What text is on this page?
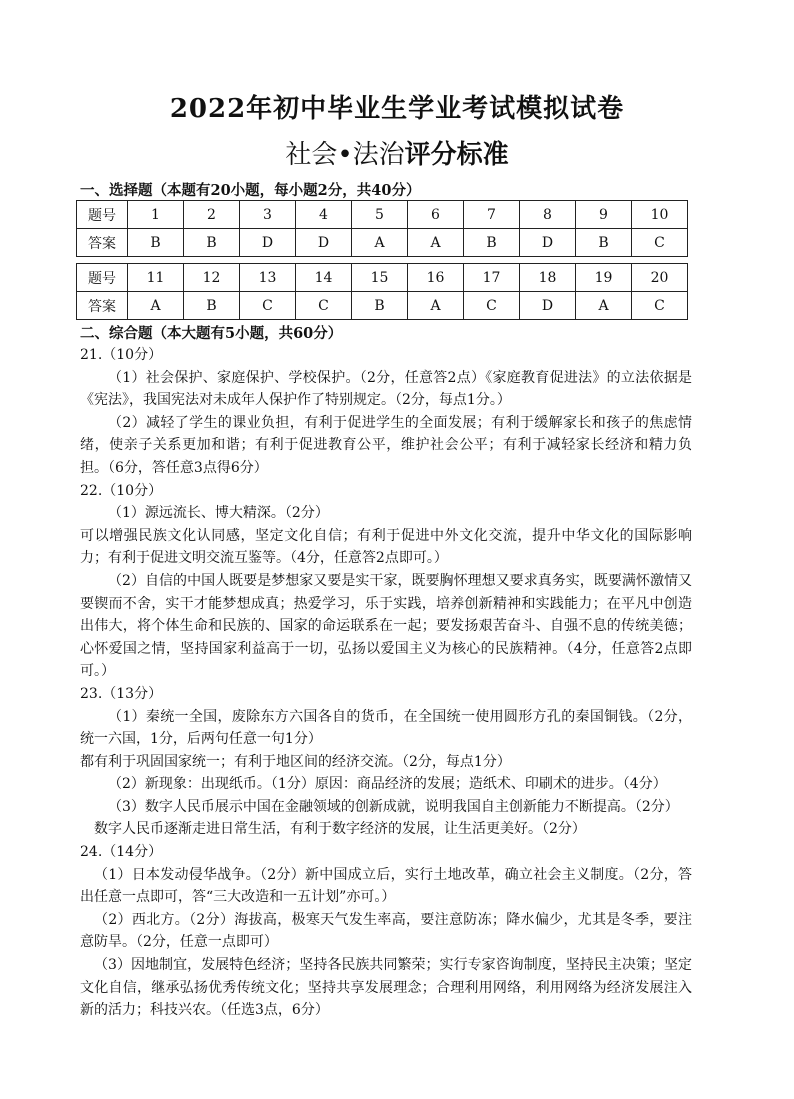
2022年初中毕业生学业考试模拟试卷
社会•法治评分标准
一、选择题（本题有20小题，每小题2分，共40分）
题号	1	2	3	4	5	6	7	8	9	10
答案	B	B	D	D	A	A	B	D	B	C
题号	11	12	13	14	15	16	17	18	19	20
答案	A	B	C	C	B	A	C	D	A	C
二、综合题（本大题有5小题，共60分）

21.（10分）

（1）社会保护、家庭保护、学校保护。（2分，任意答2点）《家庭教育促进法》的立法依据是《宪法》，我国宪法对未成年人保护作了特别规定。（2分，每点1分。）

（2）减轻了学生的课业负担，有利于促进学生的全面发展；有利于缓解家长和孩子的焦虑情绪，使亲子关系更加和谐；有利于促进教育公平，维护社会公平；有利于减轻家长经济和精力负担。（6分，答任意3点得6分）

22.（10分）

（1）源远流长、博大精深。（2分）

可以增强民族文化认同感，坚定文化自信；有利于促进中外文化交流，提升中华文化的国际影响力；有利于促进文明交流互鉴等。（4分，任意答2点即可。）

（2）自信的中国人既要是梦想家又要是实干家，既要胸怀理想又要求真务实，既要满怀激情又要锲而不舍，实干才能梦想成真；热爱学习，乐于实践，培养创新精神和实践能力；在平凡中创造出伟大，将个体生命和民族的、国家的命运联系在一起；要发扬艰苦奋斗、自强不息的传统美德；心怀爱国之情，坚持国家利益高于一切，弘扬以爱国主义为核心的民族精神。（4分，任意答2点即可。）

23.（13分）

（1）秦统一全国，废除东方六国各自的货币，在全国统一使用圆形方孔的秦国铜钱。（2分，统一六国，1分，后两句任意一句1分）

都有利于巩固国家统一；有利于地区间的经济交流。（2分，每点1分）

（2）新现象：出现纸币。（1分）原因：商品经济的发展；造纸术、印刷术的进步。（4分）

（3）数字人民币展示中国在金融领域的创新成就，说明我国自主创新能力不断提高。（2分）

数字人民币逐渐走进日常生活，有利于数字经济的发展，让生活更美好。（2分）

24.（14分）

（1）日本发动侵华战争。（2分）新中国成立后，实行土地改革，确立社会主义制度。（2分，答出任意一点即可，答“三大改造和一五计划”亦可。）

（2）西北方。（2分）海拔高，极寒天气发生率高，要注意防冻；降水偏少，尤其是冬季，要注意防旱。（2分，任意一点即可）

（3）因地制宜，发展特色经济；坚持各民族共同繁荣；实行专家咨询制度，坚持民主决策；坚定文化自信，继承弘扬优秀传统文化；坚持共享发展理念；合理利用网络，利用网络为经济发展注入新的活力；科技兴农。（任选3点，6分）
